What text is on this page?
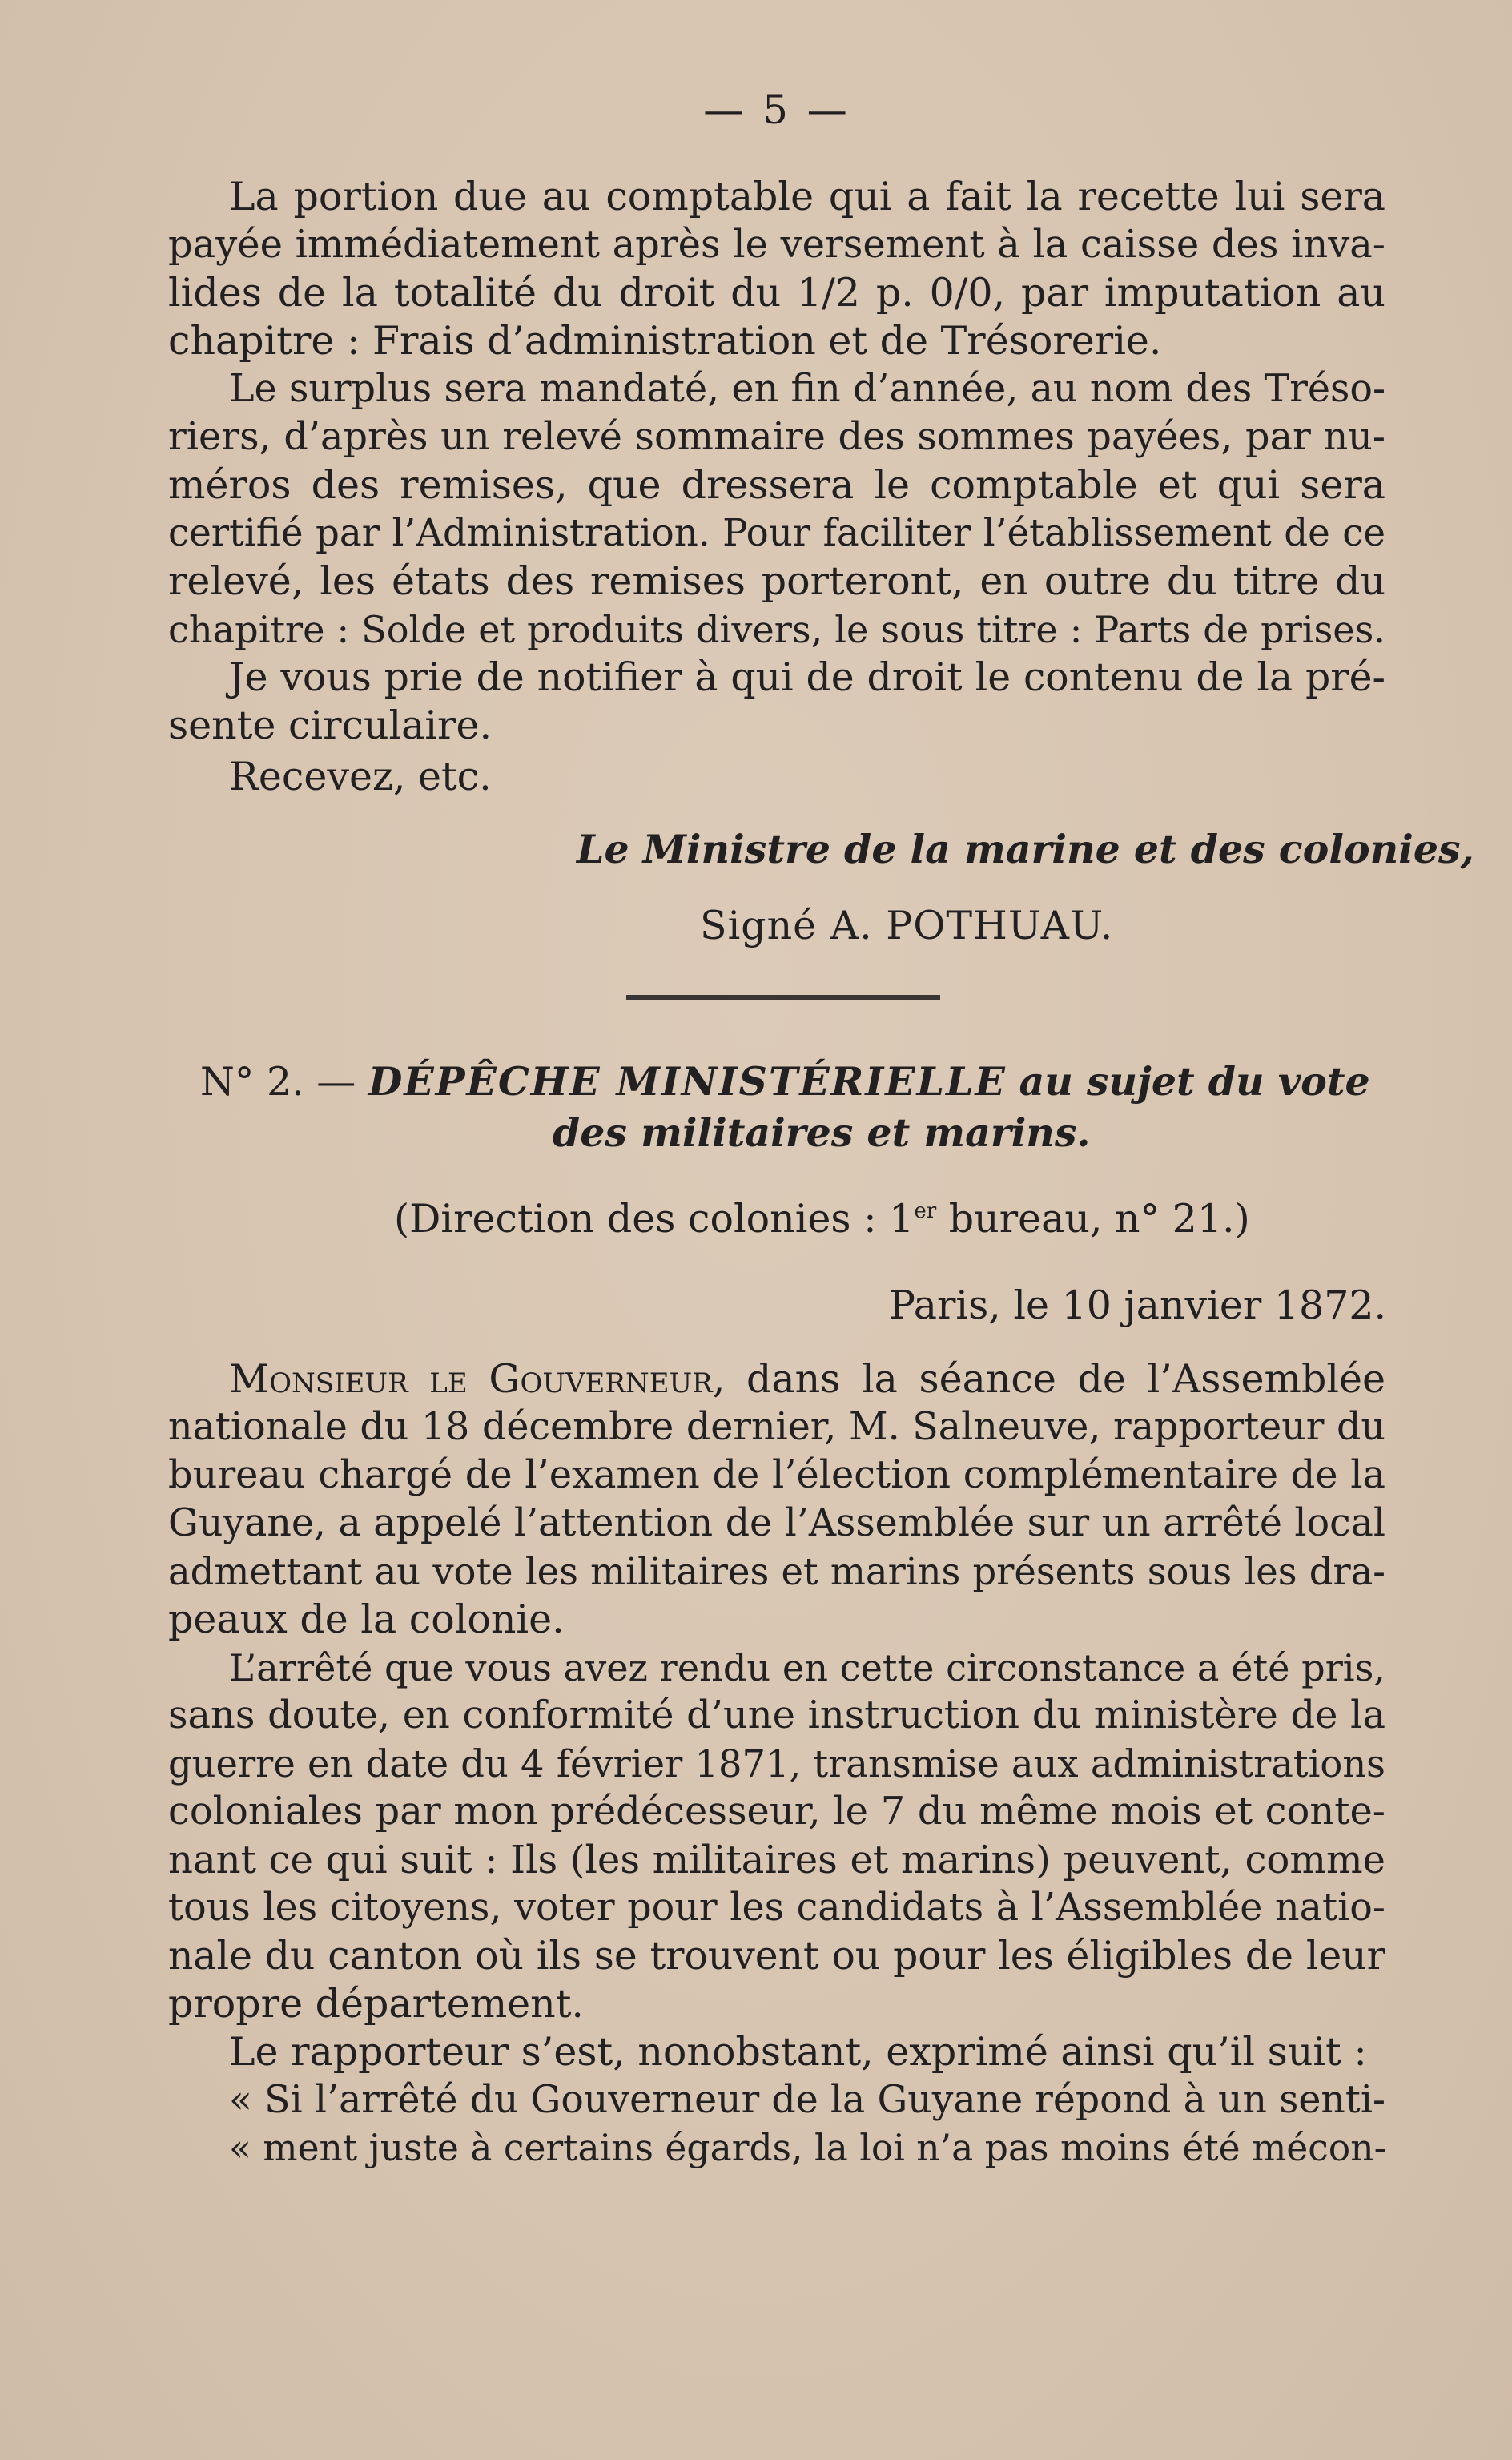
— 5 —
La portion due au comptable qui a fait la recette lui sera
payée immédiatement après le versement à la caisse des inva-
lides de la totalité du droit du 1/2 p. 0/0, par imputation au
chapitre : Frais d’administration et de Trésorerie.
Le surplus sera mandaté, en fin d’année, au nom des Tréso-
riers, d’après un relevé sommaire des sommes payées, par nu-
méros des remises, que dressera le comptable et qui sera
certifié par l’Administration. Pour faciliter l’établissement de ce
relevé, les états des remises porteront, en outre du titre du
chapitre : Solde et produits divers, le sous titre : Parts de prises.
Je vous prie de notifier à qui de droit le contenu de la pré-
sente circulaire.
Recevez, etc.
Le Ministre de la marine et des colonies,
Signé A. POTHUAU.
N° 2. — DÉPÊCHE MINISTÉRIELLE au sujet du vote
des militaires et marins.
(Direction des colonies : 1er bureau, n° 21.)
Paris, le 10 janvier 1872.
Monsieur le Gouverneur, dans la séance de l’Assemblée
nationale du 18 décembre dernier, M. Salneuve, rapporteur du
bureau chargé de l’examen de l’élection complémentaire de la
Guyane, a appelé l’attention de l’Assemblée sur un arrêté local
admettant au vote les militaires et marins présents sous les dra-
peaux de la colonie.
L’arrêté que vous avez rendu en cette circonstance a été pris,
sans doute, en conformité d’une instruction du ministère de la
guerre en date du 4 février 1871, transmise aux administrations
coloniales par mon prédécesseur, le 7 du même mois et conte-
nant ce qui suit : Ils (les militaires et marins) peuvent, comme
tous les citoyens, voter pour les candidats à l’Assemblée natio-
nale du canton où ils se trouvent ou pour les éligibles de leur
propre département.
Le rapporteur s’est, nonobstant, exprimé ainsi qu’il suit :
« Si l’arrêté du Gouverneur de la Guyane répond à un senti-
« ment juste à certains égards, la loi n’a pas moins été mécon-
